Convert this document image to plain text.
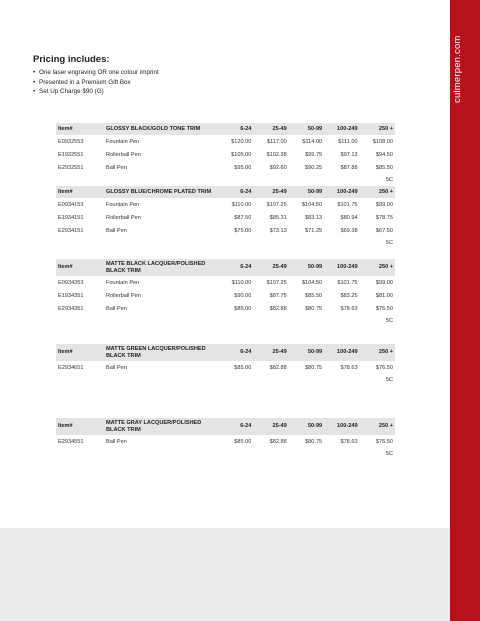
culmerpen.com
Pricing includes:
• One laser engraving OR one colour imprint
• Presented in a Premium Gift Box
• Set Up Charge $90 (G)
Item#	GLOSSY BLACK/GOLD TONE TRIM	6-24	25-49	50-99	100-249	250 +
E0932553	Fountain Pen	$120.00	$117.00	$114.00	$111.00	$108.00
E1932551	Rollerball Pen	$105.00	$102.38	$99.75	$97.13	$94.50
E2932551	Ball Pen	$95.00	$92.60	$90.25	$87.88	$85.50
						5C
Item#	GLOSSY BLUE/CHROME PLATED TRIM	6-24	25-49	50-99	100-249	250 +
E0934153	Fountain Pen	$110.00	$107.25	$104.50	$101.75	$99.00
E1934151	Rollerball Pen	$87.50	$85.31	$83.13	$80.94	$78.75
E2934151	Ball Pen	$75.00	$73.13	$71.25	$69.38	$67.50
						5C
Item#	MATTE BLACK LACQUER/POLISHED BLACK TRIM	6-24	25-49	50-99	100-249	250 +
E0934353	Fountain Pen	$110.00	$107.25	$104.50	$101.75	$99.00
E1934351	Rollerball Pen	$90.00	$87.75	$85.50	$83.25	$81.00
E2934351	Ball Pen	$85.00	$82.88	$80.75	$78.63	$76.50
						5C
Item#	MATTE GREEN LACQUER/POLISHED BLACK TRIM	6-24	25-49	50-99	100-249	250 +
E2934651	Ball Pen	$85.00	$82.88	$80.75	$78.63	$76.50
						5C
Item#	MATTE GRAY LACQUER/POLISHED BLACK TRIM	6-24	25-49	50-99	100-249	250 +
E2934551	Ball Pen	$85.00	$82.88	$80.75	$78.63	$76.50
						5C
